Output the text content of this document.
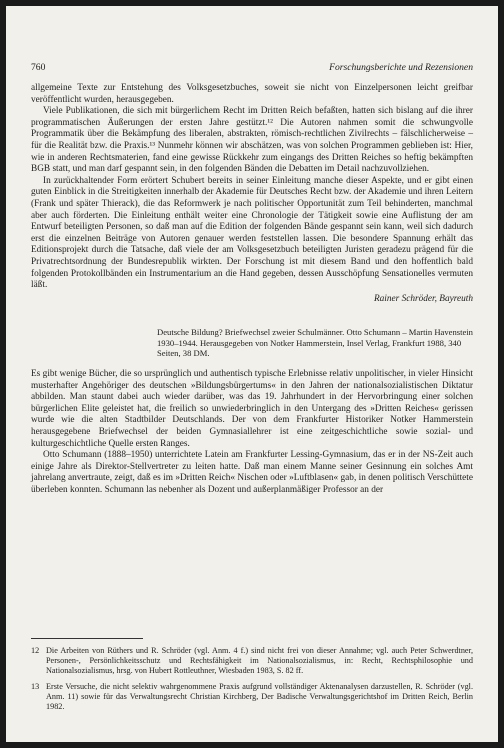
760	Forschungsberichte und Rezensionen

allgemeine Texte zur Entstehung des Volksgesetzbuches, soweit sie nicht von Einzelpersonen leicht greifbar veröffentlicht wurden, herausgegeben.

Viele Publikationen, die sich mit bürgerlichem Recht im Dritten Reich befaßten, hatten sich bislang auf die ihrer programmatischen Äußerungen der ersten Jahre gestützt.¹² Die Autoren nahmen somit die schwungvolle Programmatik über die Bekämpfung des liberalen, abstrakten, römisch-rechtlichen Zivilrechts – fälschlicherweise – für die Realität bzw. die Praxis.¹³ Nunmehr können wir abschätzen, was von solchen Programmen geblieben ist: Hier, wie in anderen Rechtsmaterien, fand eine gewisse Rückkehr zum eingangs des Dritten Reiches so heftig bekämpften BGB statt, und man darf gespannt sein, in den folgenden Bänden die Debatten im Detail nachzuvollziehen.

In zurückhaltender Form erörtert Schubert bereits in seiner Einleitung manche dieser Aspekte, und er gibt einen guten Einblick in die Streitigkeiten innerhalb der Akademie für Deutsches Recht bzw. der Akademie und ihren Leitern (Frank und später Thierack), die das Reformwerk je nach politischer Opportunität zum Teil behinderten, manchmal aber auch förderten. Die Einleitung enthält weiter eine Chronologie der Tätigkeit sowie eine Auflistung der am Entwurf beteiligten Personen, so daß man auf die Edition der folgenden Bände gespannt sein kann, weil sich dadurch erst die einzelnen Beiträge von Autoren genauer werden feststellen lassen. Die besondere Spannung erhält das Editionsprojekt durch die Tatsache, daß viele der am Volksgesetzbuch beteiligten Juristen geradezu prägend für die Privatrechtsordnung der Bundesrepublik wirkten. Der Forschung ist mit diesem Band und den hoffentlich bald folgenden Protokollbänden ein Instrumentarium an die Hand gegeben, dessen Ausschöpfung Sensationelles vermuten läßt.

Rainer Schröder, Bayreuth
Deutsche Bildung? Briefwechsel zweier Schulmänner. Otto Schumann – Martin Havenstein 1930–1944. Herausgegeben von Notker Hammerstein, Insel Verlag, Frankfurt 1988, 340 Seiten, 38 DM.

Es gibt wenige Bücher, die so ursprünglich und authentisch typische Erlebnisse relativ unpolitischer, in vieler Hinsicht musterhafter Angehöriger des deutschen »Bildungsbürgertums« in den Jahren der nationalsozialistischen Diktatur abbilden. Man staunt dabei auch wieder darüber, was das 19. Jahrhundert in der Hervorbringung einer solchen bürgerlichen Elite geleistet hat, die freilich so unwiederbringlich in den Untergang des »Dritten Reiches« gerissen wurde wie die alten Stadtbilder Deutschlands. Der von dem Frankfurter Historiker Notker Hammerstein herausgegebene Briefwechsel der beiden Gymnasiallehrer ist eine zeitgeschichtliche sowie sozial- und kulturgeschichtliche Quelle ersten Ranges.

Otto Schumann (1888–1950) unterrichtete Latein am Frankfurter Lessing-Gymnasium, das er in der NS-Zeit auch einige Jahre als Direktor-Stellvertreter zu leiten hatte. Daß man einem Manne seiner Gesinnung ein solches Amt jahrelang anvertraute, zeigt, daß es im »Dritten Reich« Nischen oder »Luftblasen« gab, in denen politisch Verschüttete überleben konnten. Schumann las nebenher als Dozent und außerplanmäßiger Professor an der

12 Die Arbeiten von Rüthers und R. Schröder (vgl. Anm. 4 f.) sind nicht frei von dieser Annahme; vgl. auch Peter Schwerdtner, Personen-, Persönlichkeitsschutz und Rechtsfähigkeit im Nationalsozialismus, in: Recht, Rechtsphilosophie und Nationalsozialismus, hrsg. von Hubert Rottleuthner, Wiesbaden 1983, S. 82 ff.
13 Erste Versuche, die nicht selektiv wahrgenommene Praxis aufgrund vollständiger Aktenanalysen darzustellen, R. Schröder (vgl. Anm. 11) sowie für das Verwaltungsrecht Christian Kirchberg, Der Badische Verwaltungsgerichtshof im Dritten Reich, Berlin 1982.
